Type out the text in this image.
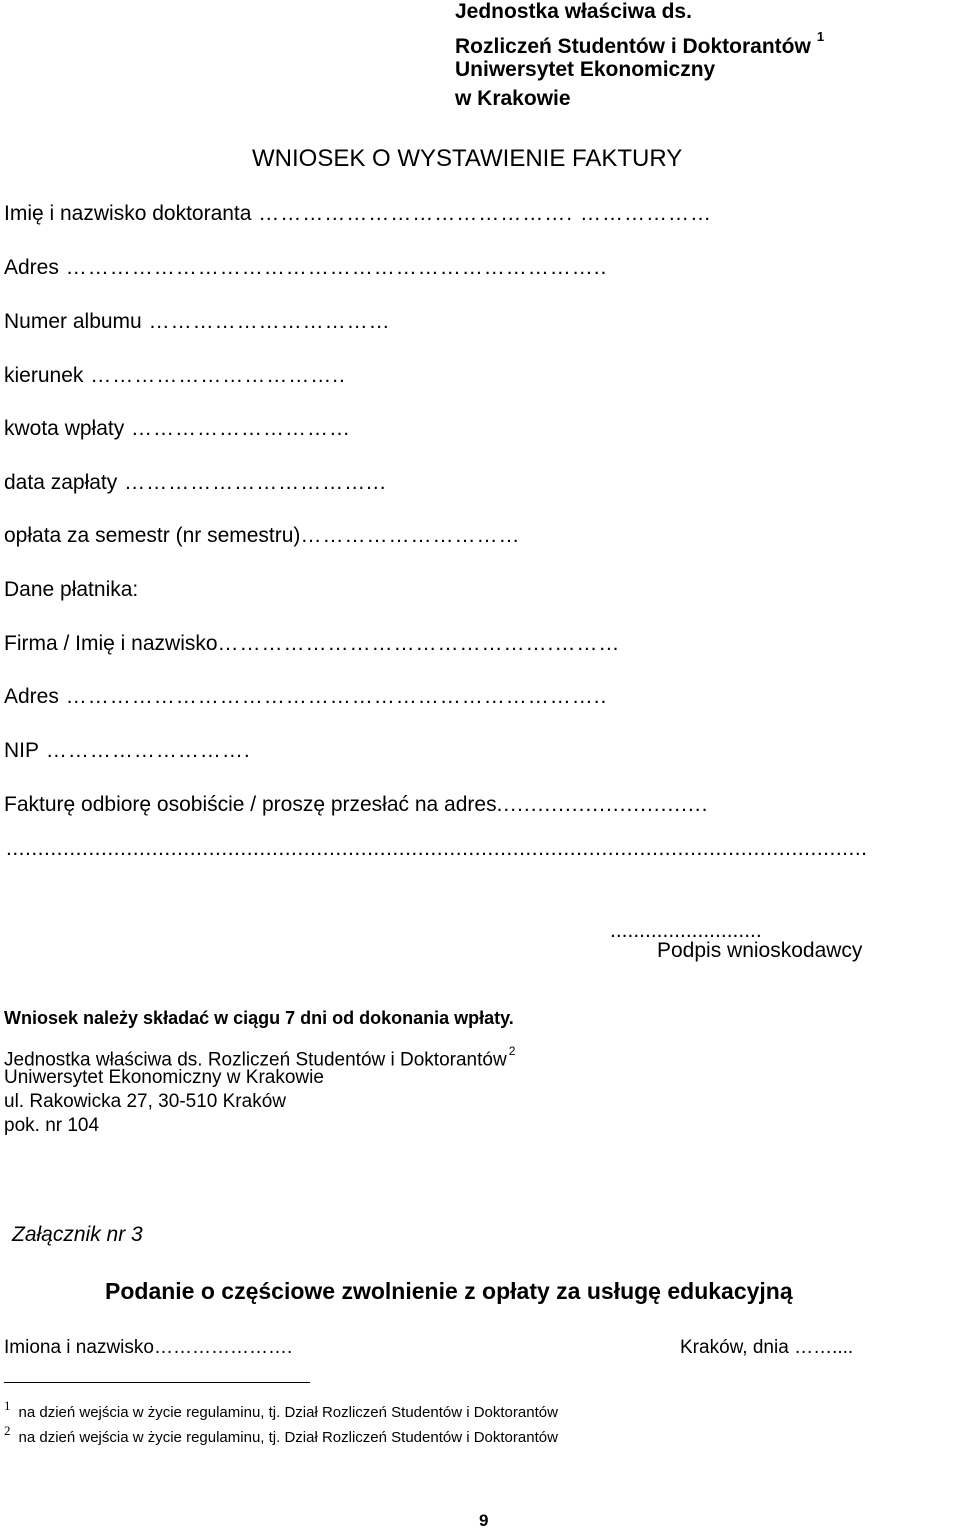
Jednostka właściwa ds.
Rozliczeń Studentów i Doktorantów $^1$
Uniwersytet Ekonomiczny
w Krakowie
WNIOSEK O WYSTAWIENIE FAKTURY
Imię i nazwisko doktoranta ……………………………………. ………………
Adres ………………………………………………………………..
Numer albumu ……………………………
kierunek ……………………………..
kwota wpłaty …………………………
data zapłaty ……………………………...
opłata za semestr (nr semestru)…………………………
Dane płatnika:
Firma / Imię i nazwisko……………………………………….………
Adres ………………………………………………………………..
NIP ……………………….
Fakturę odbiorę osobiście / proszę przesłać na adres...............................
........................................................................................................................................
..........................
Podpis wnioskodawcy
Wniosek należy składać w ciągu 7 dni od dokonania wpłaty.
Jednostka właściwa ds. Rozliczeń Studentów i Doktorantów $^2$
Uniwersytet Ekonomiczny w Krakowie
ul. Rakowicka 27, 30-510 Kraków
pok. nr 104
Załącznik nr 3
Podanie o częściowe zwolnienie z opłaty za usługę edukacyjną
Imiona i nazwisko………………….	Kraków, dnia ……....
1 na dzień wejścia w życie regulaminu, tj. Dział Rozliczeń Studentów i Doktorantów
2 na dzień wejścia w życie regulaminu, tj. Dział Rozliczeń Studentów i Doktorantów
9
